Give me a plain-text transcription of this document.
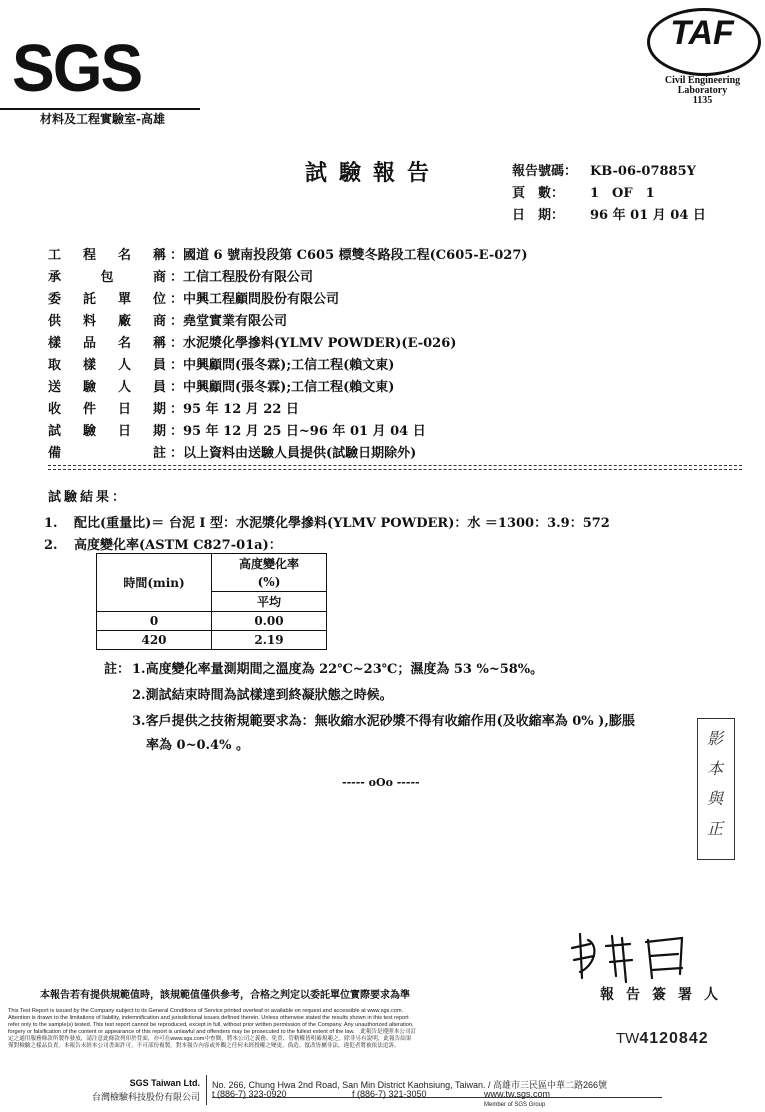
SGS
材料及工程實驗室-高雄
TAF
Civil Engineering
Laboratory
1135
試驗報告	報告號碼： KB-06-07885Y
頁　數： 1　OF　1
日　期： 96 年 01 月 04 日
工程名稱 ：國道 6 號南投段第 C605 標雙冬路段工程(C605-E-027)
承包商 ：工信工程股份有限公司
委託單位 ：中興工程顧問股份有限公司
供料廠商 ：堯堂實業有限公司
樣品名稱 ：水泥漿化學摻料(YLMV POWDER)(E-026)
取樣人員 ：中興顧問(張冬霖);工信工程(賴文東)
送驗人員 ：中興顧問(張冬霖);工信工程(賴文東)
收件日期 ：95 年 12 月 22 日
試驗日期 ：95 年 12 月 25 日~96 年 01 月 04 日
備註 ：以上資料由送驗人員提供(試驗日期除外)
試驗結果：
1. 配比(重量比)＝ 台泥 I 型：水泥漿化學摻料(YLMV POWDER)：水 ＝1300：3.9：572
2. 高度變化率(ASTM C827-01a)：
時間(min)	高度變化率
	(%)
	平均
0	0.00
420	2.19
註： 1.高度變化率量測期間之溫度為 22℃~23℃；濕度為 53 %~58%。
2.測試結束時間為試樣達到終凝狀態之時候。
3.客戶提供之技術規範要求為：無收縮水泥砂漿不得有收縮作用(及收縮率為 0% ),膨脹
率為 0~0.4% 。
----- oOo -----
影
本
與
正
報告簽署人
本報告若有提供規範值時，該規範值僅供參考，合格之判定以委託單位實際要求為準
This Test Report is issued by the Company subject to its General Conditions of Service printed overleaf or available on request and accessible at www.sgs.com.
Attention is drawn to the limitations of liability, indemnification and jurisdictional issues defined therein. Unless otherwise stated the results shown in this test report
refer only to the sample(s) tested. This test report cannot be reproduced, except in full, without prior written permission of the Company. Any unauthorized alteration,
forgery or falsification of the content or appearance of this report is unlawful and offenders may be prosecuted to the fullest extent of the law.　此報告是遵照本公司訂
定之通用服務條款所製作發放，請注意此條款列印於背面，亦可在www.sgs.com中查閱，將本公司之義務、免責、管轄權皆明確規範之。除非另有說明，此報告結果
僅對檢驗之樣品負責。本報告未經本公司書面許可，不可部份複製。對本報告內容或外觀之任何未經授權之變更、偽造、竄改皆屬非法，違犯者將被依法追訴。	TW4120842
SGS Taiwan Ltd.
台灣檢驗科技股份有限公司
No. 266, Chung Hwa 2nd Road, San Min District Kaohsiung, Taiwan. / 高雄市三民區中華二路266號
t (886-7) 323-0920	f (886-7) 321-3050	www.tw.sgs.com
Member of SGS Group
